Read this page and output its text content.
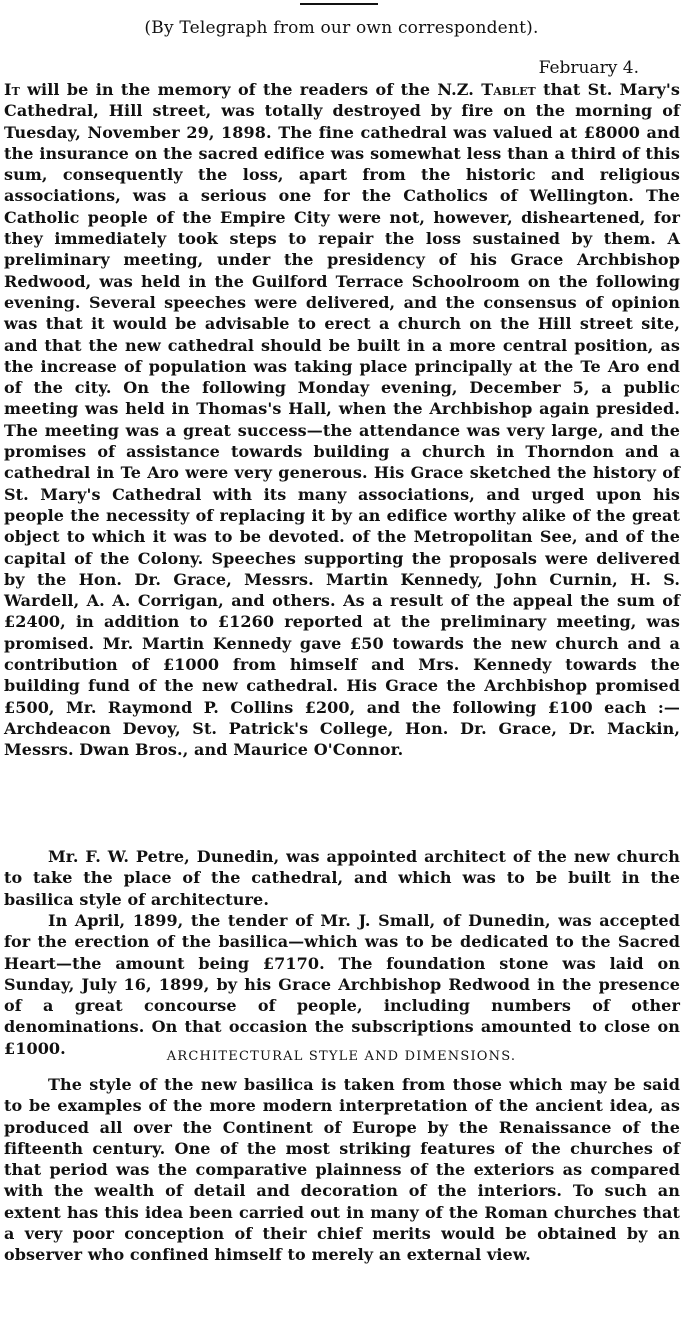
(By Telegraph from our own correspondent).
February 4.

It will be in the memory of the readers of the N.Z. Tablet that St. Mary's Cathedral, Hill street, was totally destroyed by fire on the morning of Tuesday, November 29, 1898. The fine cathedral was valued at £8000 and the insurance on the sacred edifice was somewhat less than a third of this sum, consequently the loss, apart from the historic and religious associations, was a serious one for the Catholics of Wellington. The Catholic people of the Empire City were not, however, disheartened, for they immediately took steps to repair the loss sustained by them. A preliminary meeting, under the presidency of his Grace Archbishop Redwood, was held in the Guilford Terrace Schoolroom on the following evening. Several speeches were delivered, and the consensus of opinion was that it would be advisable to erect a church on the Hill street site, and that the new cathedral should be built in a more central position, as the increase of population was taking place principally at the Te Aro end of the city. On the following Monday evening, December 5, a public meeting was held in Thomas's Hall, when the Archbishop again presided. The meeting was a great success—the attendance was very large, and the promises of assistance towards building a church in Thorndon and a cathedral in Te Aro were very generous. His Grace sketched the history of St. Mary's Cathedral with its many associations, and urged upon his people the necessity of replacing it by an edifice worthy alike of the great object to which it was to be devoted. of the Metropolitan See, and of the capital of the Colony. Speeches supporting the proposals were delivered by the Hon. Dr. Grace, Messrs. Martin Kennedy, John Curnin, H. S. Wardell, A. A. Corrigan, and others. As a result of the appeal the sum of £2400, in addition to £1260 reported at the preliminary meeting, was promised. Mr. Martin Kennedy gave £50 towards the new church and a contribution of £1000 from himself and Mrs. Kennedy towards the building fund of the new cathedral. His Grace the Archbishop promised £500, Mr. Raymond P. Collins £200, and the following £100 each :—Archdeacon Devoy, St. Patrick's College, Hon. Dr. Grace, Dr. Mackin, Messrs. Dwan Bros., and Maurice O'Connor.

Mr. F. W. Petre, Dunedin, was appointed architect of the new church to take the place of the cathedral, and which was to be built in the basilica style of architecture.

In April, 1899, the tender of Mr. J. Small, of Dunedin, was accepted for the erection of the basilica—which was to be dedicated to the Sacred Heart—the amount being £7170. The foundation stone was laid on Sunday, July 16, 1899, by his Grace Archbishop Redwood in the presence of a great concourse of people, including numbers of other denominations. On that occasion the subscriptions amounted to close on £1000.	ARCHITECTURAL STYLE AND DIMENSIONS.

The style of the new basilica is taken from those which may be said to be examples of the more modern interpretation of the ancient idea, as produced all over the Continent of Europe by the Renaissance of the fifteenth century. One of the most striking features of the churches of that period was the comparative plainness of the exteriors as compared with the wealth of detail and decoration of the interiors. To such an extent has this idea been carried out in many of the Roman churches that a very poor conception of their chief merits would be obtained by an observer who confined himself to merely an external view.
